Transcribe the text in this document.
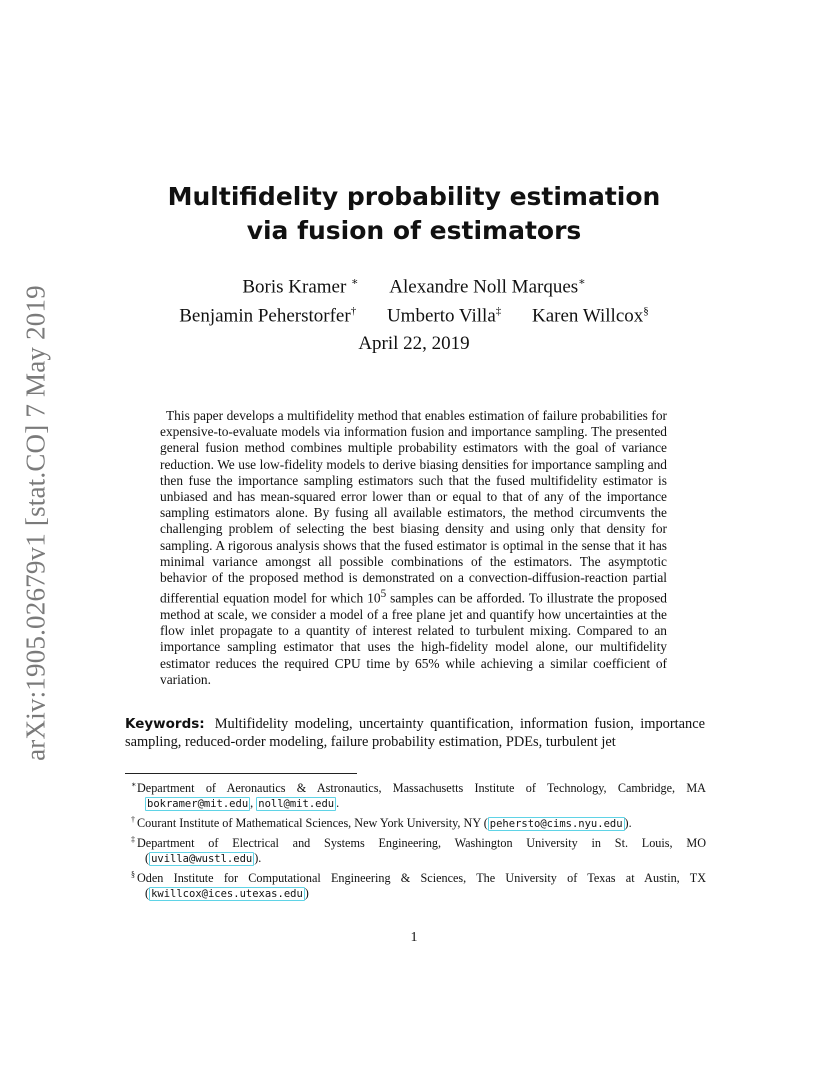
arXiv:1905.02679v1 [stat.CO] 7 May 2019
Multifidelity probability estimation
via fusion of estimators
Boris Kramer ∗ Alexandre Noll Marques∗
Benjamin Peherstorfer† Umberto Villa‡ Karen Willcox§
April 22, 2019

This paper develops a multifidelity method that enables estimation of failure probabilities for expensive-to-evaluate models via information fusion and importance sampling. The presented general fusion method combines multiple probability estimators with the goal of variance reduction. We use low-fidelity models to derive biasing densities for importance sampling and then fuse the importance sampling estimators such that the fused multifidelity estimator is unbiased and has mean-squared error lower than or equal to that of any of the importance sampling estimators alone. By fusing all available estimators, the method circumvents the challenging problem of selecting the best biasing density and using only that density for sampling. A rigorous analysis shows that the fused estimator is optimal in the sense that it has minimal variance amongst all possible combinations of the estimators. The asymptotic behavior of the proposed method is demonstrated on a convection-diffusion-reaction partial differential equation model for which $10^5$ samples can be afforded. To illustrate the proposed method at scale, we consider a model of a free plane jet and quantify how uncertainties at the flow inlet propagate to a quantity of interest related to turbulent mixing. Compared to an importance sampling estimator that uses the high-fidelity model alone, our multifidelity estimator reduces the required CPU time by 65% while achieving a similar coefficient of variation.

Keywords: Multifidelity modeling, uncertainty quantification, information fusion, importance sampling, reduced-order modeling, failure probability estimation, PDEs, turbulent jet
∗Department of Aeronautics & Astronautics, Massachusetts Institute of Technology, Cambridge, MA bokramer@mit.edu , noll@mit.edu .
† Courant Institute of Mathematical Sciences, New York University, NY ( pehersto@cims.nyu.edu ).
‡ Department of Electrical and Systems Engineering, Washington University in St. Louis, MO ( uvilla@wustl.edu ).
§ Oden Institute for Computational Engineering & Sciences, The University of Texas at Austin, TX ( kwillcox@ices.utexas.edu )
1
